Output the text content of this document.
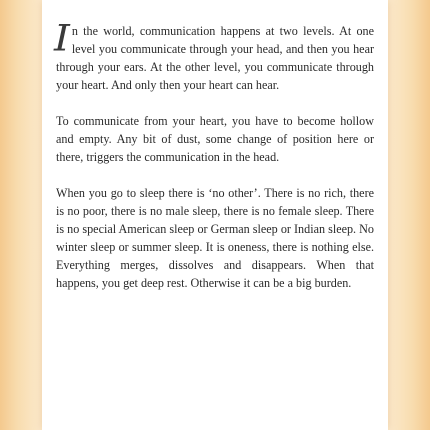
In the world, communication happens at two levels. At one level you communicate through your head, and then you hear through your ears. At the other level, you communicate through your heart. And only then your heart can hear.

To communicate from your heart, you have to become hollow and empty. Any bit of dust, some change of position here or there, triggers the communication in the head.

When you go to sleep there is ‘no other’. There is no rich, there is no poor, there is no male sleep, there is no female sleep. There is no special American sleep or German sleep or Indian sleep. No winter sleep or summer sleep. It is oneness, there is nothing else. Everything merges, dissolves and disappears. When that happens, you get deep rest. Otherwise it can be a big burden.
